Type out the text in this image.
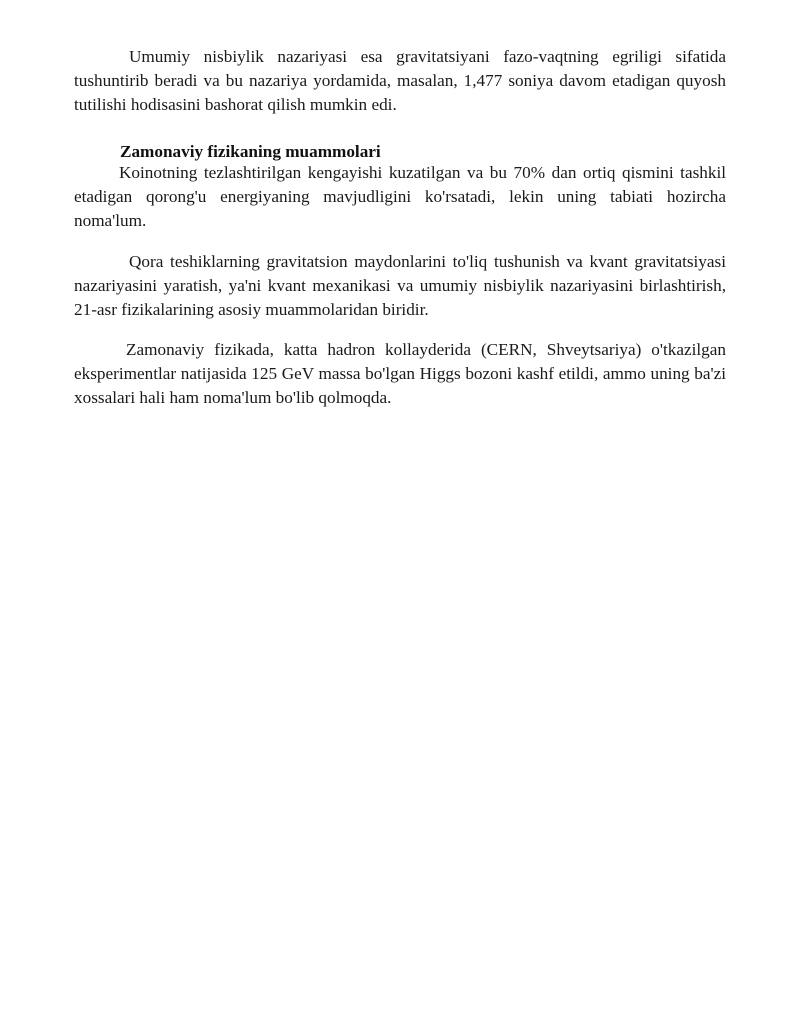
Umumiy nisbiylik nazariyasi esa gravitatsiyani fazo-vaqtning egriligi sifatida tushuntirib beradi va bu nazariya yordamida, masalan, 1,477 soniya davom etadigan quyosh tutilishi hodisasini bashorat qilish mumkin edi.

Zamonaviy fizikaning muammolari

Koinotning tezlashtirilgan kengayishi kuzatilgan va bu 70% dan ortiq qismini tashkil etadigan qorong'u energiyaning mavjudligini ko'rsatadi, lekin uning tabiati hozircha noma'lum.

Qora teshiklarning gravitatsion maydonlarini to'liq tushunish va kvant gravitatsiyasi nazariyasini yaratish, ya'ni kvant mexanikasi va umumiy nisbiylik nazariyasini birlashtirish, 21-asr fizikalarining asosiy muammolaridan biridir.

Zamonaviy fizikada, katta hadron kollayderida (CERN, Shveytsariya) o'tkazilgan eksperimentlar natijasida 125 GeV massa bo'lgan Higgs bozoni kashf etildi, ammo uning ba'zi xossalari hali ham noma'lum bo'lib qolmoqda.
